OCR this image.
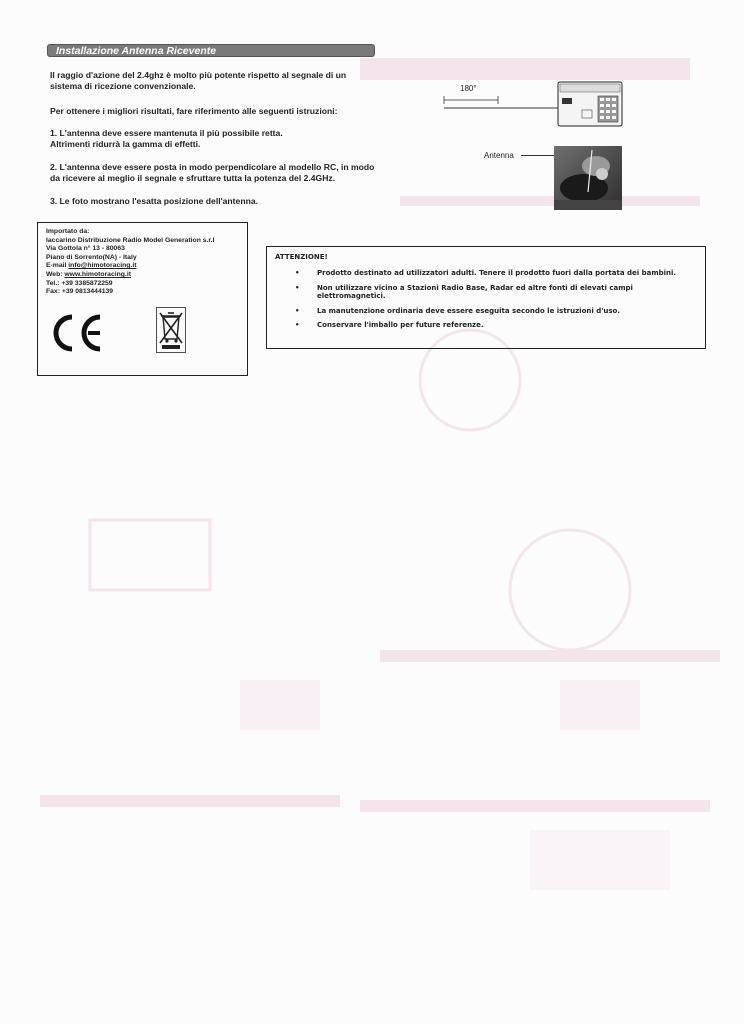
Installazione Antenna Ricevente
Il raggio d'azione del 2.4ghz è molto più potente rispetto al segnale di un
sistema di ricezione convenzionale.
Per ottenere i migliori risultati, fare riferimento alle seguenti istruzioni:
1. L'antenna deve essere mantenuta il più possibile retta.
Altrimenti ridurrà la gamma di effetti.
2. L'antenna deve essere posta in modo perpendicolare al modello RC, in modo
da ricevere al meglio il segnale e sfruttare tutta la potenza del 2.4GHz.
3. Le foto mostrano l'esatta posizione dell'antenna.
180°
Antenna
Importato da:
Iaccarino Distribuzione Radio Model Generation s.r.l
Via Gottola n° 13 - 80063
Piano di Sorrento(NA) - Italy
E-mail info@himotoracing.it
Web: www.himotoracing.it
Tel.: +39 3385872259
Fax: +39 0813444139
ATTENZIONE!
• Prodotto destinato ad utilizzatori adulti. Tenere il prodotto fuori dalla portata dei bambini.
• Non utilizzare vicino a Stazioni Radio Base, Radar ed altre fonti di elevati campi elettromagnetici.
• La manutenzione ordinaria deve essere eseguita secondo le istruzioni d'uso.
• Conservare l'imballo per future referenze.
